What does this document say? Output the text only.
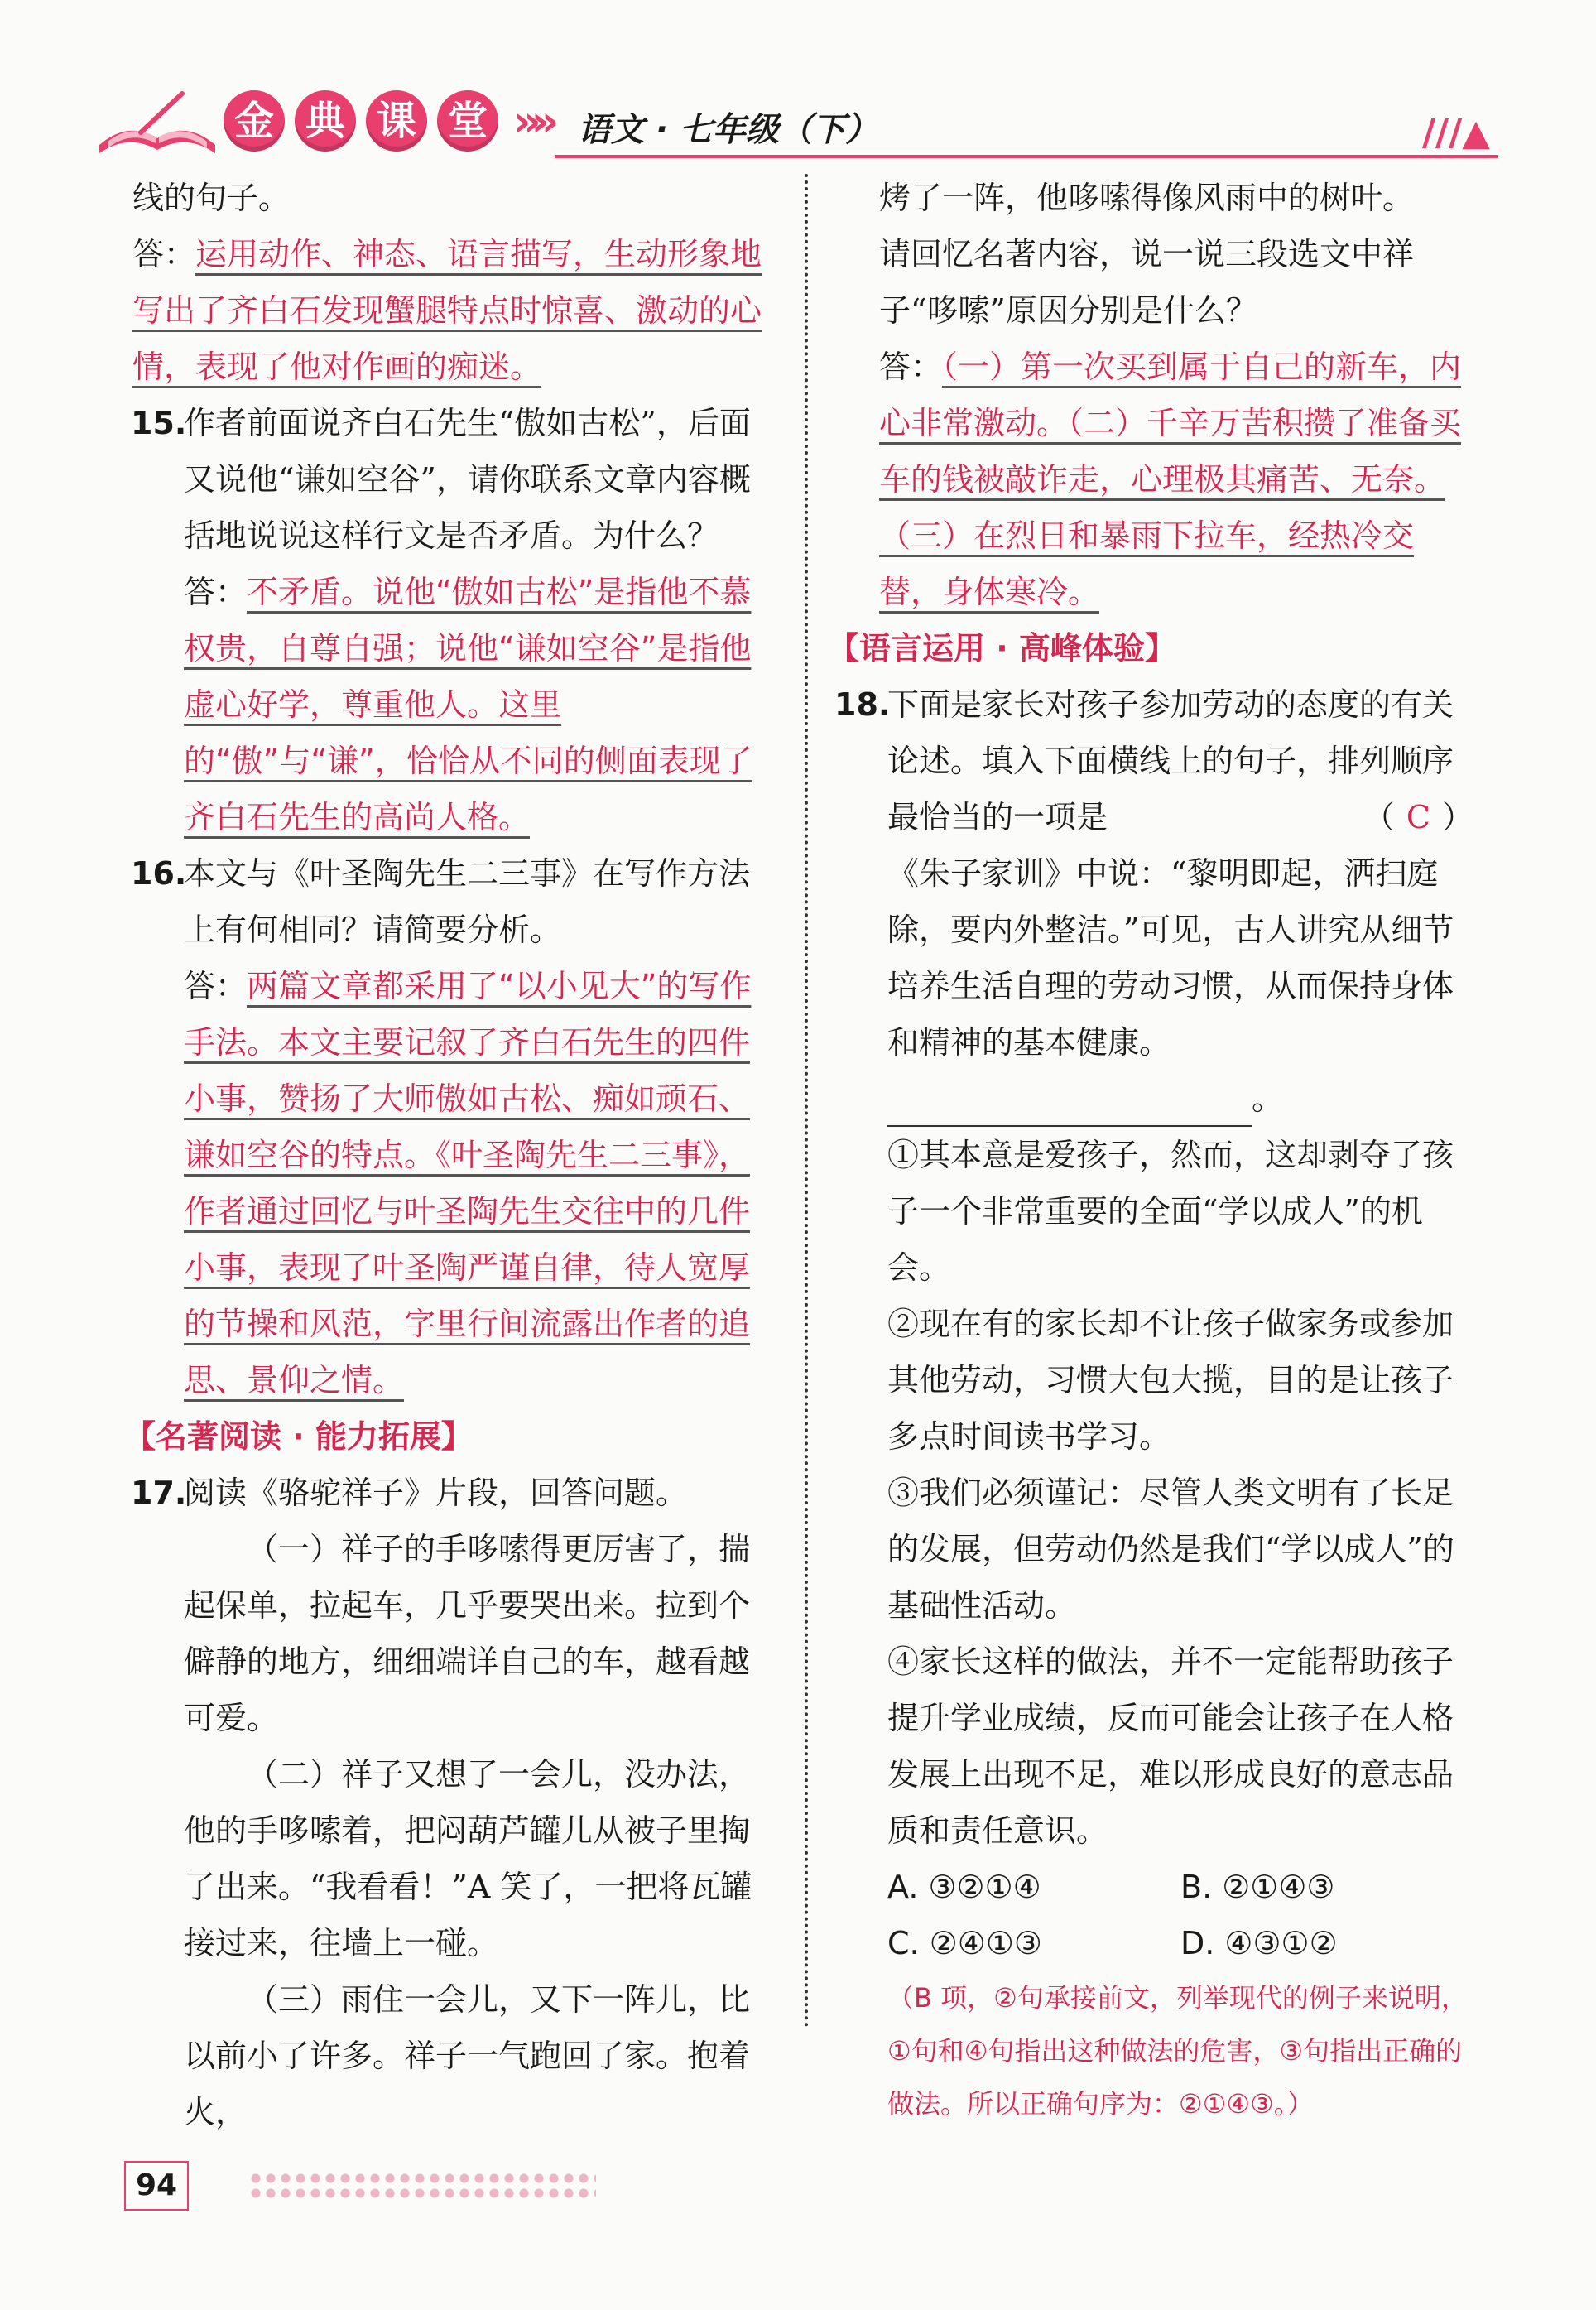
金 典 课 堂 »» 语文 · 七年级（下）	///▲

线的句子。

答：运用动作、神态、语言描写，生动形象地写出了齐白石发现蟹腿特点时惊喜、激动的心情，表现了他对作画的痴迷。

15.

作者前面说齐白石先生“傲如古松”，后面又说他“谦如空谷”，请你联系文章内容概括地说说这样行文是否矛盾。为什么？

答：不矛盾。说他“傲如古松”是指他不慕权贵，自尊自强；说他“谦如空谷”是指他虚心好学，尊重他人。这里的“傲”与“谦”，恰恰从不同的侧面表现了齐白石先生的高尚人格。

16.

本文与《叶圣陶先生二三事》在写作方法上有何相同？请简要分析。

答：两篇文章都采用了“以小见大”的写作手法。本文主要记叙了齐白石先生的四件小事，赞扬了大师傲如古松、痴如顽石、谦如空谷的特点。《叶圣陶先生二三事》，作者通过回忆与叶圣陶先生交往中的几件小事，表现了叶圣陶严谨自律，待人宽厚的节操和风范，字里行间流露出作者的追思、景仰之情。

【名著阅读 · 能力拓展】

17.

阅读《骆驼祥子》片段，回答问题。

（一）祥子的手哆嗦得更厉害了，揣起保单，拉起车，几乎要哭出来。拉到个僻静的地方，细细端详自己的车，越看越可爱。

（二）祥子又想了一会儿，没办法，他的手哆嗦着，把闷葫芦罐儿从被子里掏了出来。“我看看！”A 笑了，一把将瓦罐接过来，往墙上一碰。

（三）雨住一会儿，又下一阵儿，比以前小了许多。祥子一气跑回了家。抱着火，

烤了一阵，他哆嗦得像风雨中的树叶。

请回忆名著内容，说一说三段选文中祥子“哆嗦”原因分别是什么？

答：（一）第一次买到属于自己的新车，内心非常激动。（二）千辛万苦积攒了准备买车的钱被敲诈走，心理极其痛苦、无奈。（三）在烈日和暴雨下拉车，经热冷交替，身体寒冷。

【语言运用 · 高峰体验】

18.

下面是家长对孩子参加劳动的态度的有关论述。填入下面横线上的句子，排列顺序最恰当的一项是	（ C ）

《朱子家训》中说：“黎明即起，洒扫庭除，要内外整洁。”可见，古人讲究从细节培养生活自理的劳动习惯，从而保持身体和精神的基本健康。。

①其本意是爱孩子，然而，这却剥夺了孩子一个非常重要的全面“学以成人”的机会。

②现在有的家长却不让孩子做家务或参加其他劳动，习惯大包大揽，目的是让孩子多点时间读书学习。

③我们必须谨记：尽管人类文明有了长足的发展，但劳动仍然是我们“学以成人”的基础性活动。

④家长这样的做法，并不一定能帮助孩子提升学业成绩，反而可能会让孩子在人格发展上出现不足，难以形成良好的意志品质和责任意识。

A. ③②①④	B. ②①④③
C. ②④①③	D. ④③①②

（B 项，②句承接前文，列举现代的例子来说明，①句和④句指出这种做法的危害，③句指出正确的做法。所以正确句序为：②①④③。）

94
